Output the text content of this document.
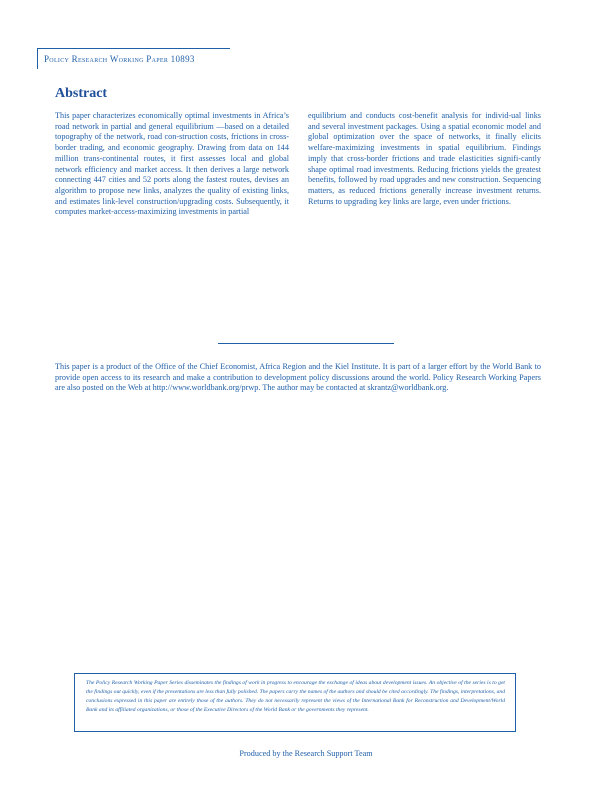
Policy Research Working Paper 10893
Abstract
This paper characterizes economically optimal investments in Africa’s road network in partial and general equilibrium —based on a detailed topography of the network, road con-struction costs, frictions in cross-border trading, and economic geography. Drawing from data on 144 million trans-continental routes, it first assesses local and global network efficiency and market access. It then derives a large network connecting 447 cities and 52 ports along the fastest routes, devises an algorithm to propose new links, analyzes the quality of existing links, and estimates link-level construction/upgrading costs. Subsequently, it computes market-access-maximizing investments in partial
equilibrium and conducts cost-benefit analysis for individ-ual links and several investment packages. Using a spatial economic model and global optimization over the space of networks, it finally elicits welfare-maximizing investments in spatial equilibrium. Findings imply that cross-border frictions and trade elasticities signifi-cantly shape optimal road investments. Reducing frictions yields the greatest benefits, followed by road upgrades and new construction. Sequencing matters, as reduced frictions generally increase investment returns. Returns to upgrading key links are large, even under frictions.
This paper is a product of the Office of the Chief Economist, Africa Region and the Kiel Institute. It is part of a larger effort by the World Bank to provide open access to its research and make a contribution to development policy discussions around the world. Policy Research Working Papers are also posted on the Web at http://www.worldbank.org/prwp. The author may be contacted at skrantz@worldbank.org.
The Policy Research Working Paper Series disseminates the findings of work in progress to encourage the exchange of ideas about development issues. An objective of the series is to get the findings out quickly, even if the presentations are less than fully polished. The papers carry the names of the authors and should be cited accordingly. The findings, interpretations, and conclusions expressed in this paper are entirely those of the authors. They do not necessarily represent the views of the International Bank for Reconstruction and Development/World Bank and its affiliated organizations, or those of the Executive Directors of the World Bank or the governments they represent.
Produced by the Research Support Team
